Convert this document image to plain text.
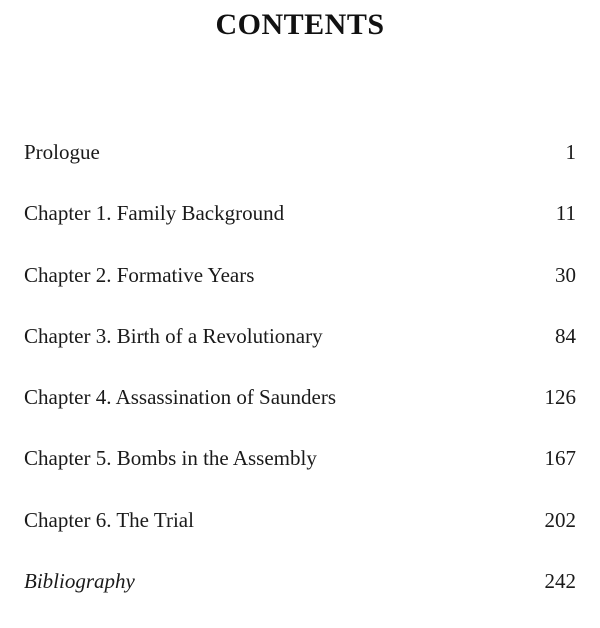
CONTENTS
Prologue	1
Chapter 1. Family Background	11
Chapter 2. Formative Years	30
Chapter 3. Birth of a Revolutionary	84
Chapter 4. Assassination of Saunders	126
Chapter 5. Bombs in the Assembly	167
Chapter 6. The Trial	202
Bibliography	242
